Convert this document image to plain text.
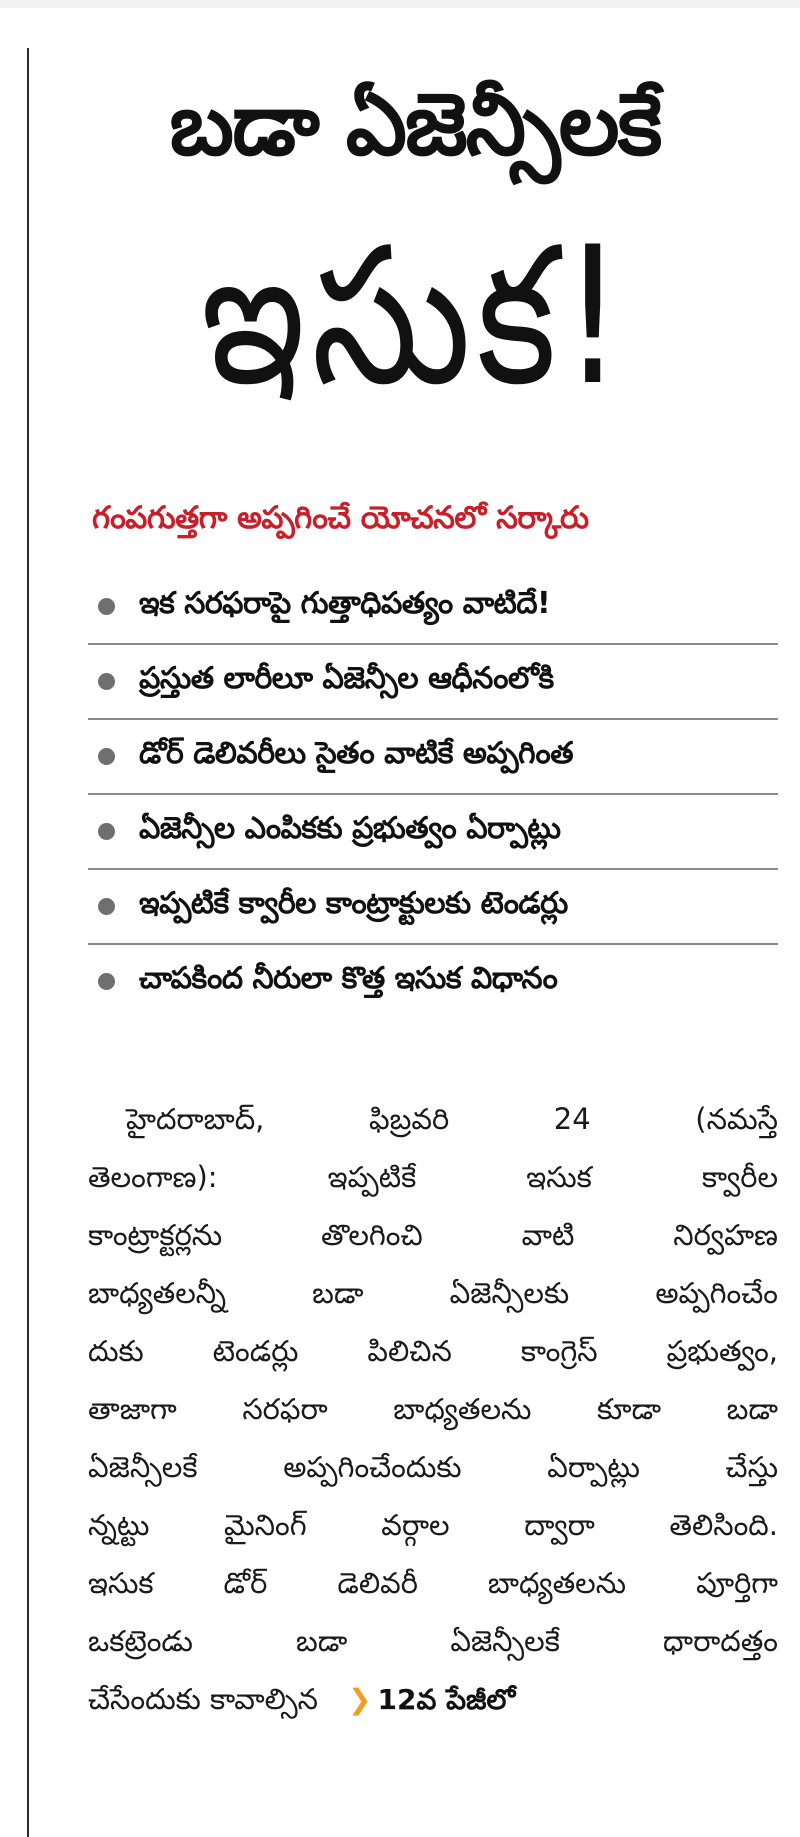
బడా ఏజెన్సీలకే
ఇసుక!
గంపగుత్తగా అప్పగించే యోచనలో సర్కారు
ఇక సరఫరాపై గుత్తాధిపత్యం వాటిదే!
ప్రస్తుత లారీలూ ఏజెన్సీల ఆధీనంలోకి
డోర్ డెలివరీలు సైతం వాటికే అప్పగింత
ఏజెన్సీల ఎంపికకు ప్రభుత్వం ఏర్పాట్లు
ఇప్పటికే క్వారీల కాంట్రాక్టులకు టెండర్లు
చాపకింద నీరులా కొత్త ఇసుక విధానం
హైదరాబాద్, ఫిబ్రవరి 24 (నమస్తే
తెలంగాణ): ఇప్పటికే ఇసుక క్వారీల
కాంట్రాక్టర్లను తొలగించి వాటి నిర్వహణ
బాధ్యతలన్నీ బడా ఏజెన్సీలకు అప్పగించేం
దుకు టెండర్లు పిలిచిన కాంగ్రెస్ ప్రభుత్వం,
తాజాగా సరఫరా బాధ్యతలను కూడా బడా
ఏజెన్సీలకే అప్పగించేందుకు ఏర్పాట్లు చేస్తు
న్నట్టు మైనింగ్ వర్గాల ద్వారా తెలిసింది.
ఇసుక డోర్ డెలివరీ బాధ్యతలను పూర్తిగా
ఒకట్రెండు బడా ఏజెన్సీలకే ధారాదత్తం
చేసేందుకు కావాల్సిన ❯ 12వ పేజీలో
